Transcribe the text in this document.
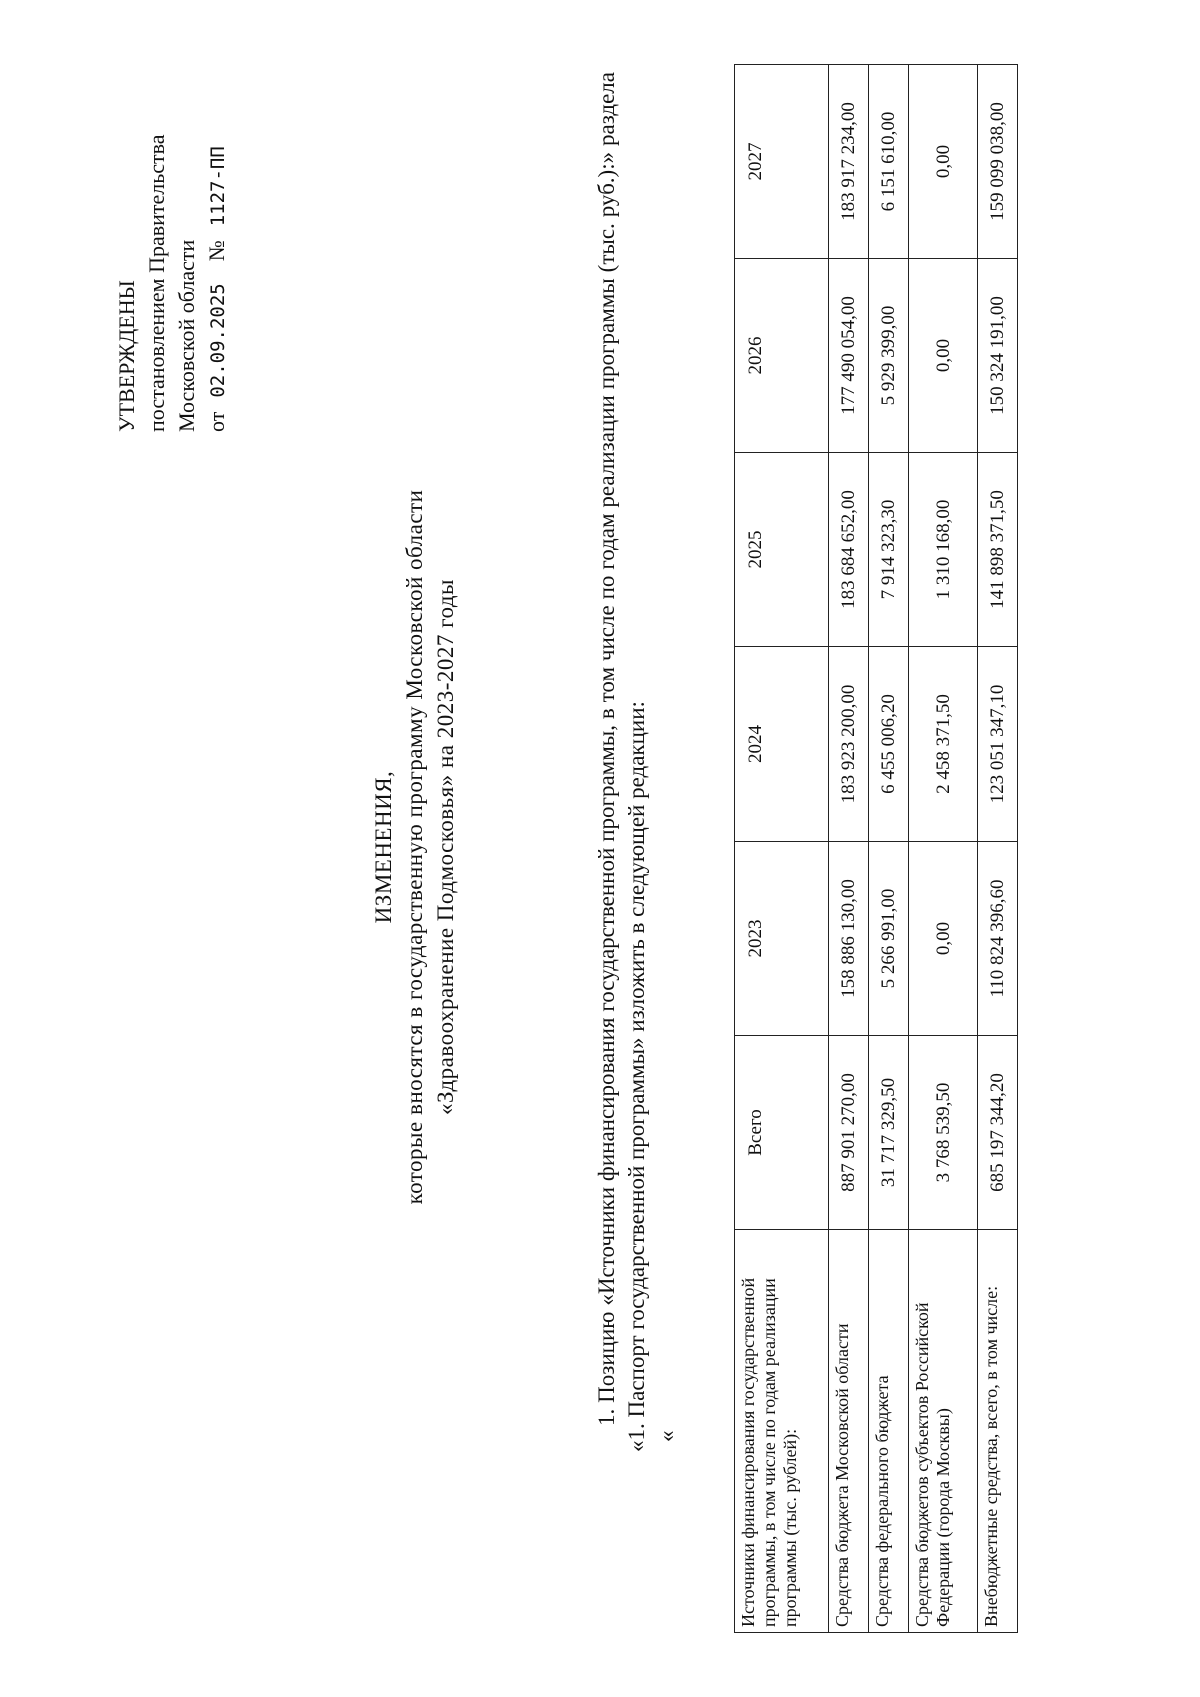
УТВЕРЖДЕНЫ постановлением Правительства Московской области от02.09.2025№1127-ПП
ИЗМЕНЕНИЯ, которые вносятся в государственную программу Московской области «Здравоохранение Подмосковья» на 2023-2027 годы	1. Позицию «Источники финансирования государственной программы, в том числе по годам реализации программы (тыс. руб.):» раздела «1. Паспорт государственной программы» изложить в следующей редакции: «	Источники финансирования государственной программы, в том числе по годам реализации программы (тыс. рублей):	Всего	2023	2024	2025	2026	2027
Средства бюджета Московской области	887 901 270,00	158 886 130,00	183 923 200,00	183 684 652,00	177 490 054,00	183 917 234,00
Средства федерального бюджета	31 717 329,50	5 266 991,00	6 455 006,20	7 914 323,30	5 929 399,00	6 151 610,00
Средства бюджетов субъектов Российской Федерации (города Москвы)	3 768 539,50	0,00	2 458 371,50	1 310 168,00	0,00	0,00
Внебюджетные средства, всего, в том числе:	685 197 344,20	110 824 396,60	123 051 347,10	141 898 371,50	150 324 191,00	159 099 038,00
